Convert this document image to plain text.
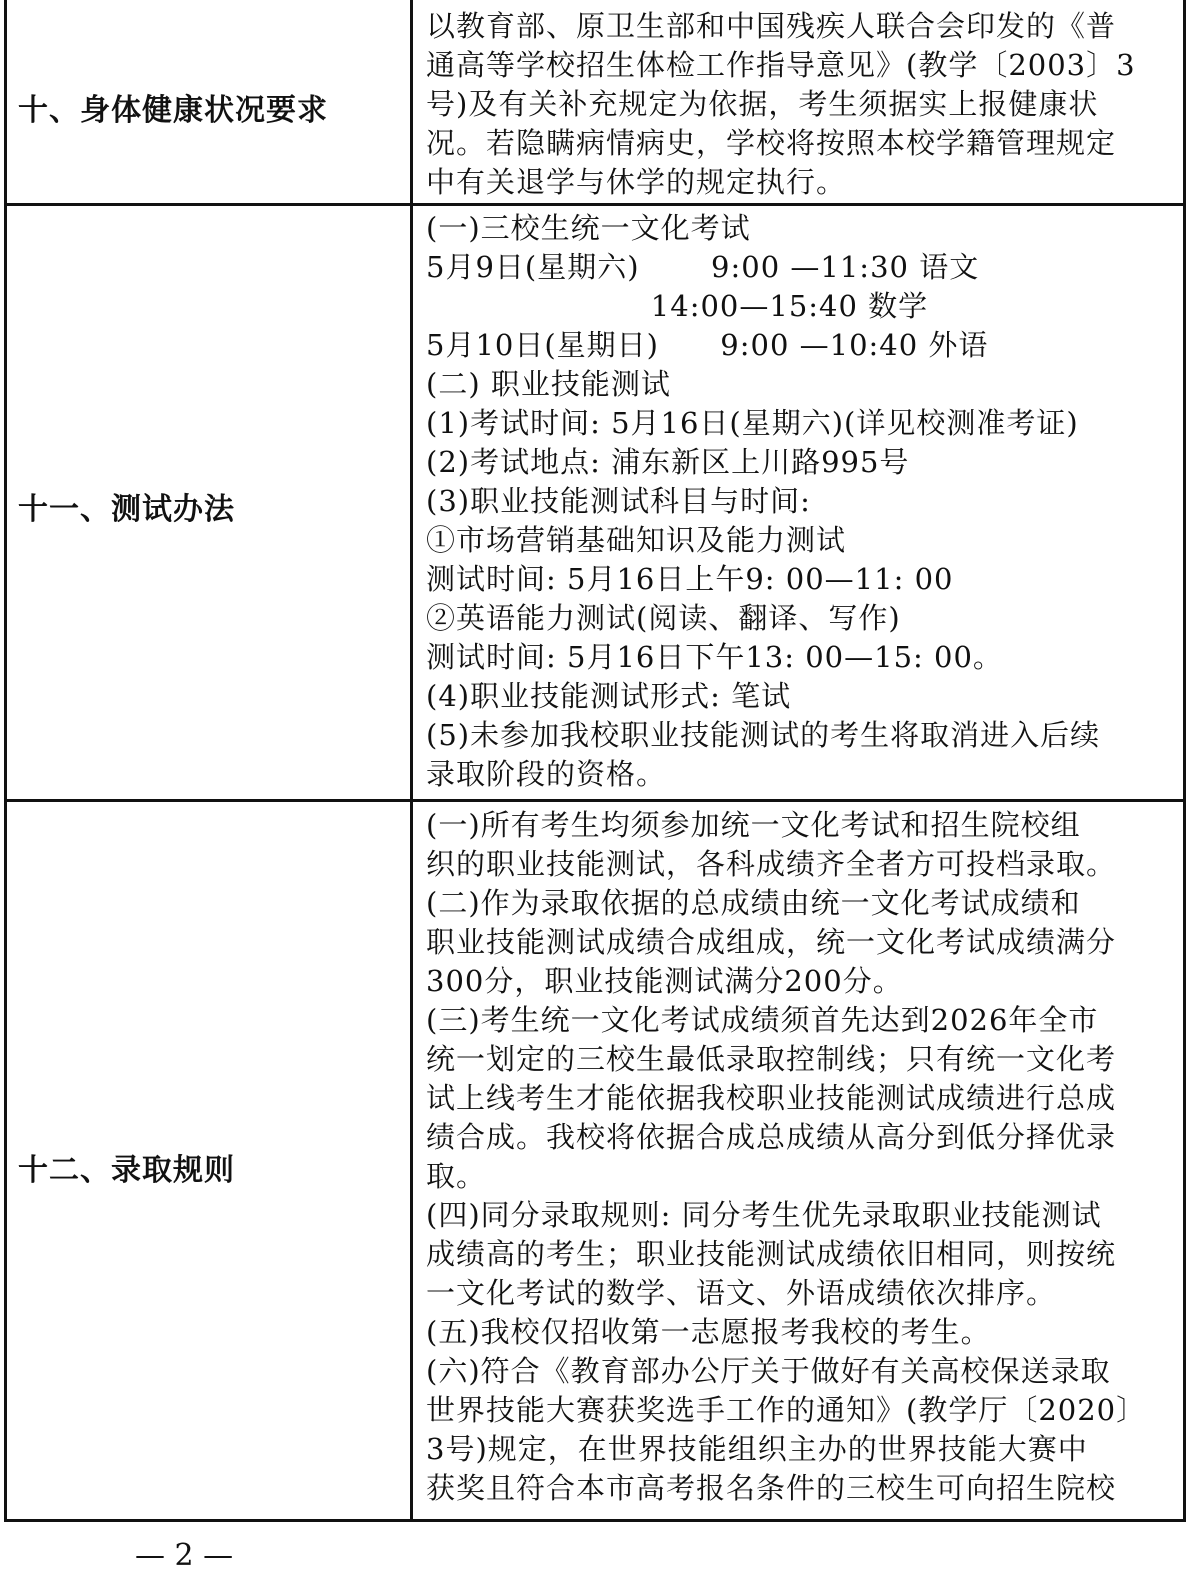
十、身体健康状况要求
以教育部、原卫生部和中国残疾人联合会印发的《普
通高等学校招生体检工作指导意见》(教学〔2003〕3
号)及有关补充规定为依据，考生须据实上报健康状
况。若隐瞒病情病史，学校将按照本校学籍管理规定
中有关退学与休学的规定执行。
十一、测试办法
(一)三校生统一文化考试
5月9日(星期六)       9:00 —11:30 语文
14:00—15:40 数学
5月10日(星期日)      9:00 —10:40 外语
(二) 职业技能测试
(1)考试时间: 5月16日(星期六)(详见校测准考证)
(2)考试地点: 浦东新区上川路995号
(3)职业技能测试科目与时间:
①市场营销基础知识及能力测试
测试时间: 5月16日上午9: 00—11: 00
②英语能力测试(阅读、翻译、写作)
测试时间: 5月16日下午13: 00—15: 00。
(4)职业技能测试形式: 笔试
(5)未参加我校职业技能测试的考生将取消进入后续
录取阶段的资格。
十二、录取规则
(一)所有考生均须参加统一文化考试和招生院校组
织的职业技能测试，各科成绩齐全者方可投档录取。
(二)作为录取依据的总成绩由统一文化考试成绩和
职业技能测试成绩合成组成，统一文化考试成绩满分
300分，职业技能测试满分200分。
(三)考生统一文化考试成绩须首先达到2026年全市
统一划定的三校生最低录取控制线；只有统一文化考
试上线考生才能依据我校职业技能测试成绩进行总成
绩合成。我校将依据合成总成绩从高分到低分择优录
取。
(四)同分录取规则: 同分考生优先录取职业技能测试
成绩高的考生；职业技能测试成绩依旧相同，则按统
一文化考试的数学、语文、外语成绩依次排序。
(五)我校仅招收第一志愿报考我校的考生。
(六)符合《教育部办公厅关于做好有关高校保送录取
世界技能大赛获奖选手工作的通知》(教学厅〔2020〕
3号)规定，在世界技能组织主办的世界技能大赛中
获奖且符合本市高考报名条件的三校生可向招生院校
— 2 —
